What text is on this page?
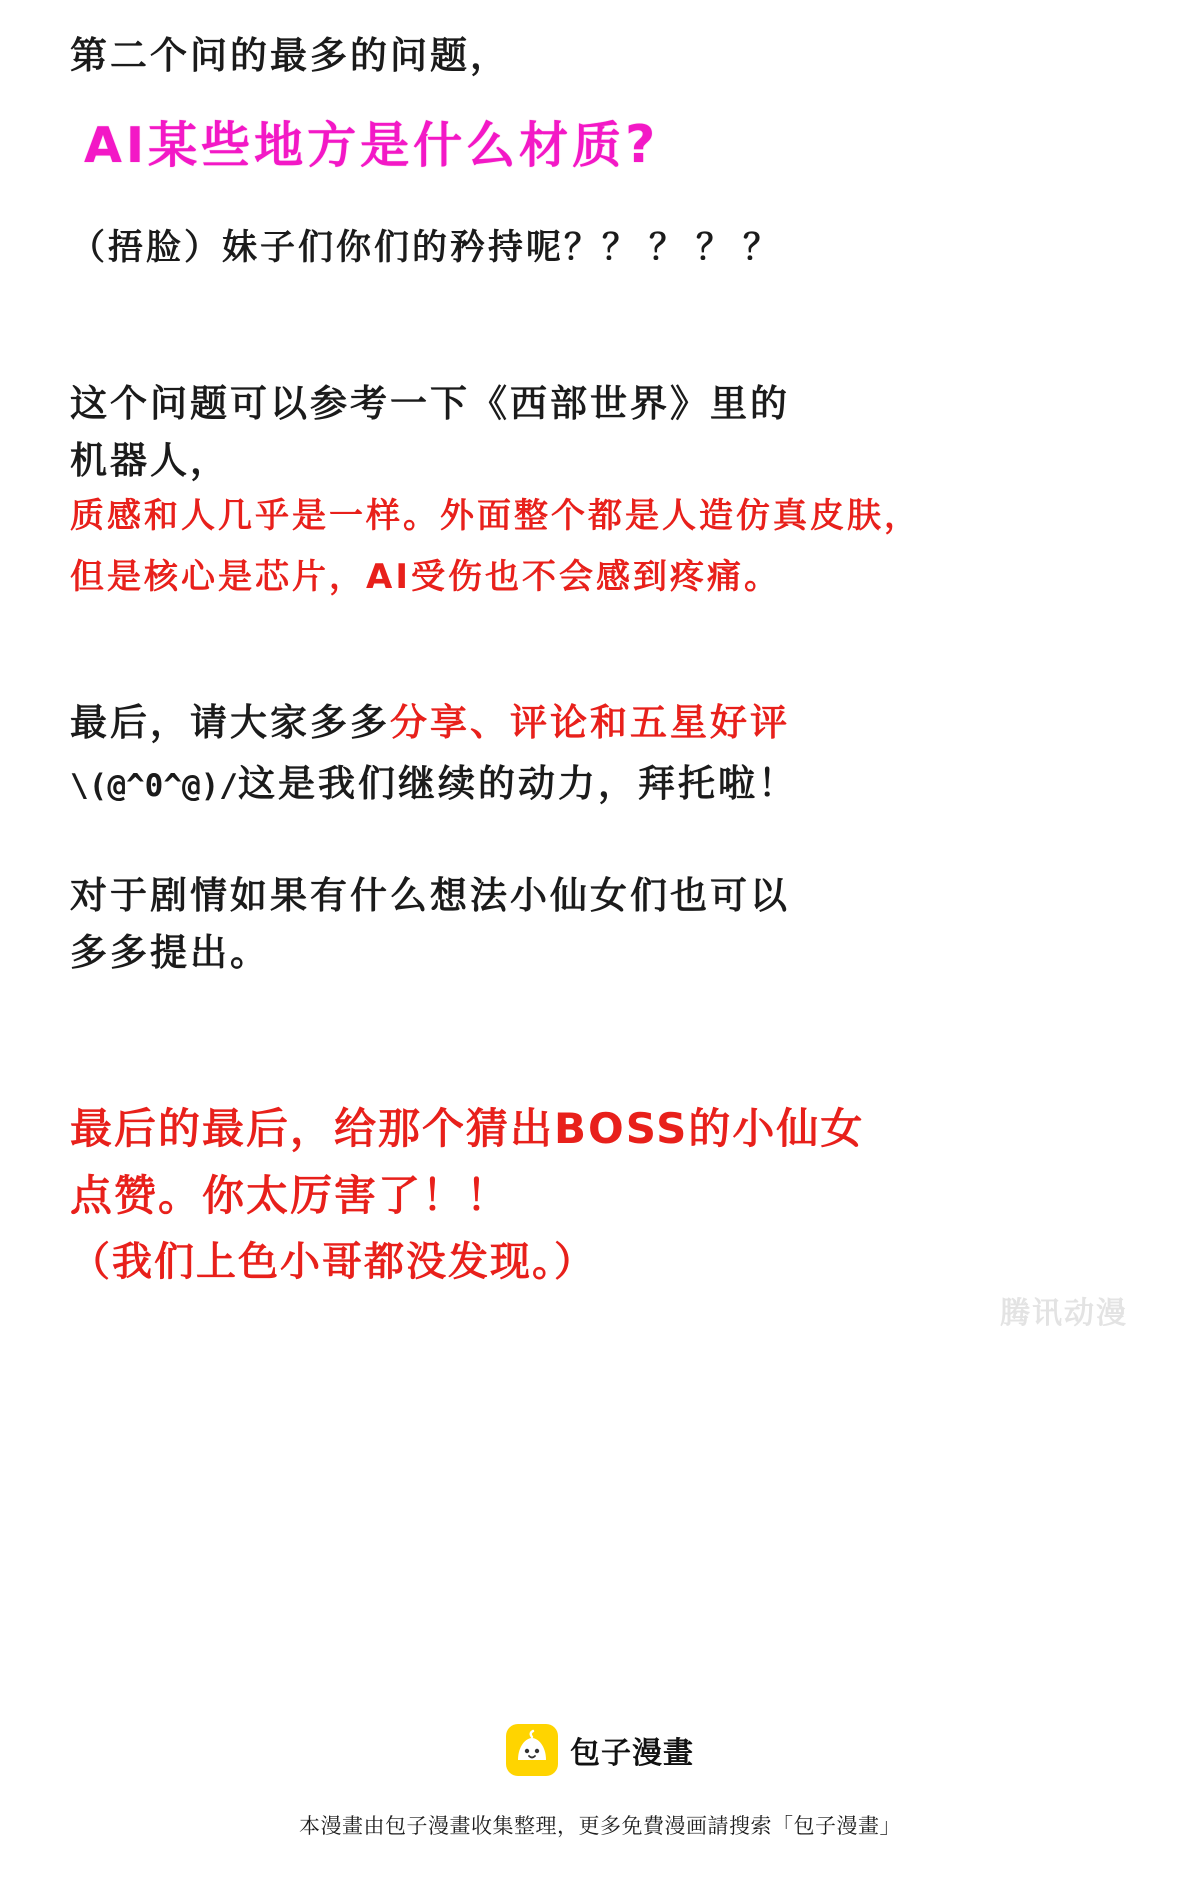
第二个问的最多的问题，
AI某些地方是什么材质?
（捂脸）妹子们你们的矜持呢？？？？？
这个问题可以参考一下《西部世界》里的
机器人，
质感和人几乎是一样。外面整个都是人造仿真皮肤，
但是核心是芯片，AI受伤也不会感到疼痛。
最后，请大家多多分享、评论和五星好评
\(@^0^@)/这是我们继续的动力，拜托啦！
对于剧情如果有什么想法小仙女们也可以
多多提出。
最后的最后，给那个猜出BOSS的小仙女
点赞。你太厉害了！！
（我们上色小哥都没发现。）
腾讯动漫
包子漫畫
本漫畫由包子漫畫收集整理，更多免費漫画請搜索「包子漫畫」
